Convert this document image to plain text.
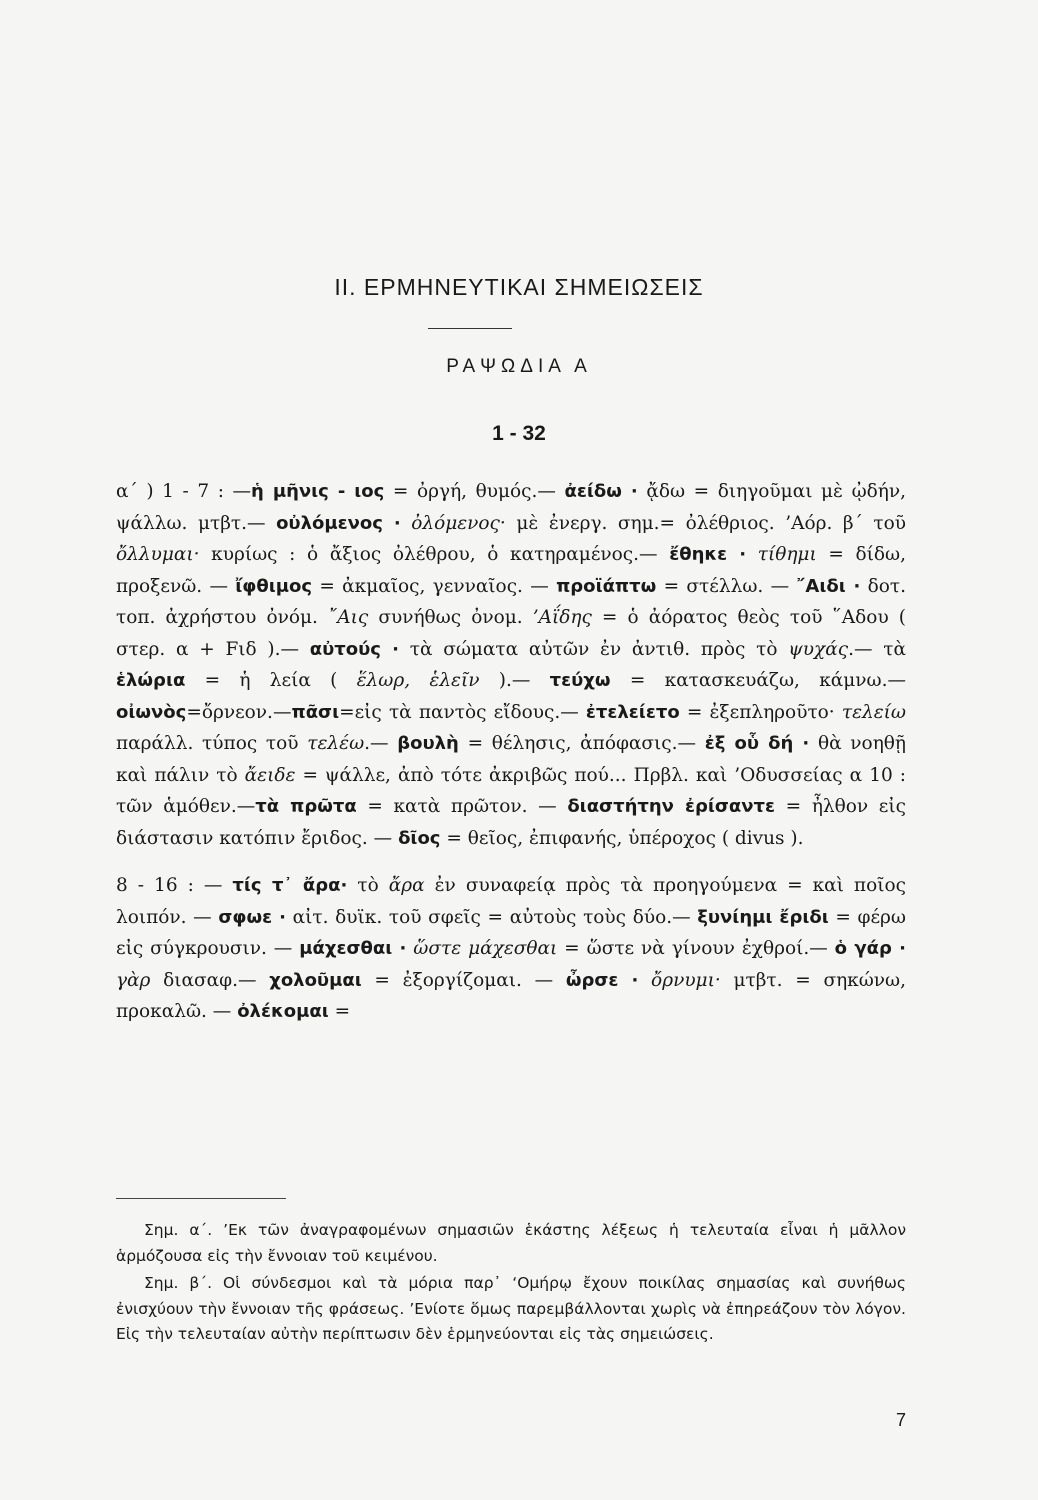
ΙΙ. ΕΡΜΗΝΕΥΤΙΚΑΙ ΣΗΜΕΙΩΣΕΙΣ
ΡΑΨΩΔΙΑ Α
1 - 32

α΄ ) 1 - 7 : —ἡ μῆνις - ιος = ὀργή, θυμός.— ἀείδω · ᾄδω = διηγοῦμαι μὲ ᾠδήν, ψάλλω. μτβτ.— οὐλόμενος · ὀλόμενος· μὲ ἐνεργ. σημ.= ὀλέθριος. ’Αόρ. β΄ τοῦ ὄλλυμαι· κυρίως : ὁ ἄξιος ὀλέθρου, ὁ κατηραμένος.— ἔθηκε · τίθημι = δίδω, προξενῶ. — ἴφθιμος = ἀκμαῖος, γενναῖος. — προϊάπτω = στέλλω. — ῎Αιδι · δοτ. τοπ. ἀχρήστου ὀνόμ. ῎Αις συνήθως ὀνομ. ’Αΐδης = ὁ ἀόρατος θεὸς τοῦ ῞Αδου ( στερ. α + Fιδ ).— αὐτούς · τὰ σώματα αὐτῶν ἐν ἀντιθ. πρὸς τὸ ψυχάς.— τὰ ἑλώρια = ἡ λεία ( ἕλωρ, ἑλεῖν ).— τεύχω = κατασκευάζω, κάμνω.—οἰωνὸς=ὄρνεον.—πᾶσι=εἰς τὰ παντὸς εἴδους.— ἐτελείετο = ἐξεπληροῦτο· τελείω παράλλ. τύπος τοῦ τελέω.— βουλὴ = θέλησις, ἀπόφασις.— ἐξ οὗ δή · θὰ νοηθῇ καὶ πάλιν τὸ ἄειδε = ψάλλε, ἀπὸ τότε ἀκριβῶς πού... Πρβλ. καὶ ’Οδυσσείας α 10 : τῶν ἁμόθεν.—τὰ πρῶτα = κατὰ πρῶτον. — διαστήτην ἐρίσαντε = ἦλθον εἰς διάστασιν κατόπιν ἔριδος. — δῖος = θεῖος, ἐπιφανής, ὑπέροχος ( divus ).

8 - 16 : — τίς τ᾽ ἄρα· τὸ ἄρα ἐν συναφείᾳ πρὸς τὰ προηγούμενα = καὶ ποῖος λοιπόν. — σφωε · αἰτ. δυϊκ. τοῦ σφεῖς = αὐτοὺς τοὺς δύο.— ξυνίημι ἔριδι = φέρω εἰς σύγκρουσιν. — μάχεσθαι · ὥστε μάχεσθαι = ὥστε νὰ γίνουν ἐχθροί.— ὁ γάρ · γὰρ διασαφ.— χολοῦμαι = ἐξοργίζομαι. — ὦρσε · ὄρνυμι· μτβτ. = σηκώνω, προκαλῶ. — ὀλέκομαι =

Σημ. α΄. ’Εκ τῶν ἀναγραφομένων σημασιῶν ἑκάστης λέξεως ἡ τελευταία εἶναι ἡ μᾶλλον ἁρμόζουσα εἰς τὴν ἔννοιαν τοῦ κειμένου.

Σημ. β΄. Οἱ σύνδεσμοι καὶ τὰ μόρια παρ᾽ ‘Ομήρῳ ἔχουν ποικίλας σημασίας καὶ συνήθως ἐνισχύουν τὴν ἔννοιαν τῆς φράσεως. ’Ενίοτε ὅμως παρεμβάλλονται χωρὶς νὰ ἐπηρεάζουν τὸν λόγον. Εἰς τὴν τελευταίαν αὐτὴν περίπτωσιν δὲν ἑρμηνεύονται εἰς τὰς σημειώσεις.

7
